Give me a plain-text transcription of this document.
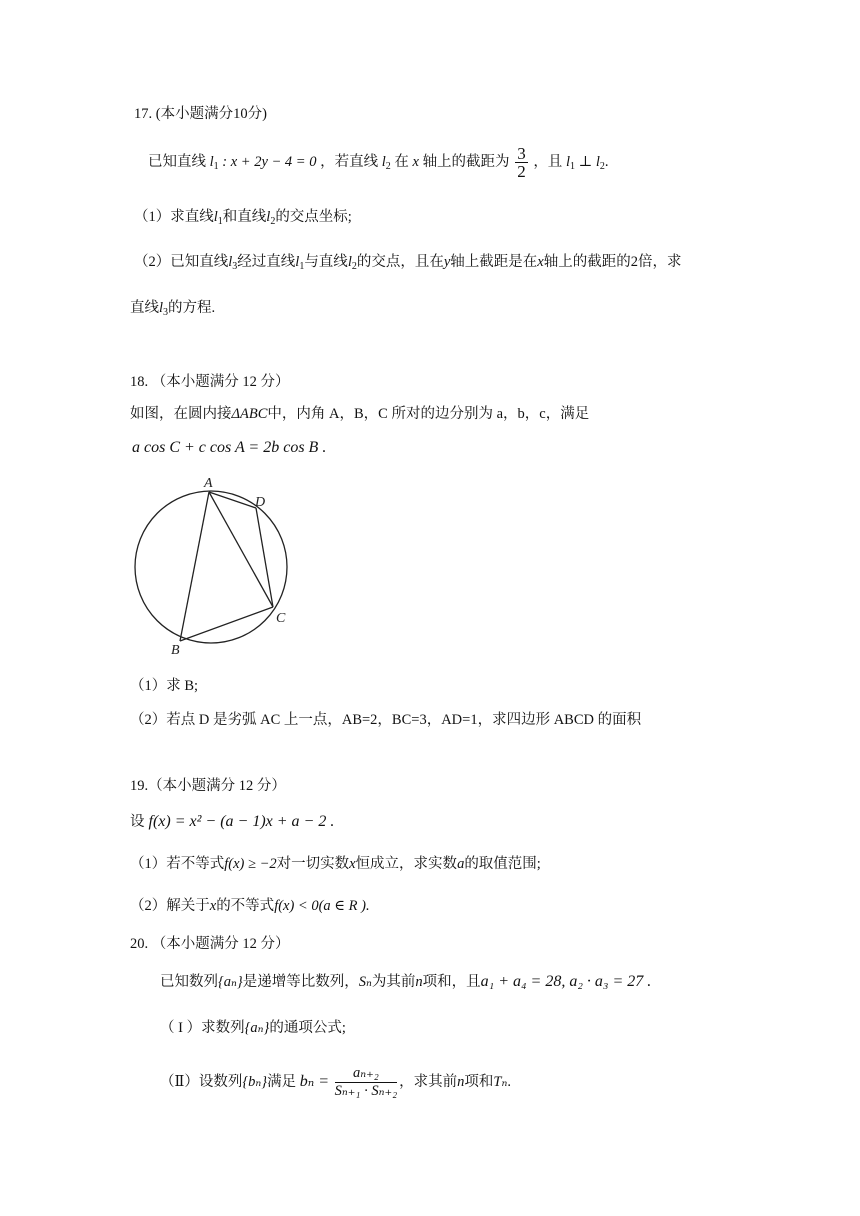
17. (本小题满分10分)
已知直线 $l_1$ : x + 2y − 4 = 0 ，若直线 $l_2$ 在 x 轴上的截距为 $\frac{3}{2}$ ，且 $l_1$ ⊥ $l_2$.
（1）求直线$l_1$和直线$l_2$的交点坐标;
（2）已知直线$l_3$经过直线$l_1$与直线$l_2$的交点，且在y轴上截距是在x轴上的截距的2倍，求
直线$l_3$的方程.
18. （本小题满分 12 分）
如图，在圆内接ΔABC中，内角 A，B，C 所对的边分别为 a，b，c，满足
a cos C + c cos A = 2b cos B .
A
D
C
B
（1）求 B;
（2）若点 D 是劣弧 AC 上一点，AB=2，BC=3，AD=1，求四边形 ABCD 的面积
19.（本小题满分 12 分）
设 f(x) = x² − (a − 1)x + a − 2 .
（1）若不等式f(x) ≥ −2对一切实数x恒成立，求实数a的取值范围;
（2）解关于x的不等式f(x) < 0(a ∈ R ).
20. （本小题满分 12 分）
已知数列{aₙ}是递增等比数列，Sₙ为其前n项和，且a₁ + a₄ = 28, a₂ · a₃ = 27 .
（ I ）求数列{aₙ}的通项公式;
（Ⅱ）设数列{bₙ}满足 $b_n = \frac{\text{aₙ₊₂}}{\text{Sₙ₊₁ · Sₙ₊₂}}$ ，求其前n项和Tₙ.
